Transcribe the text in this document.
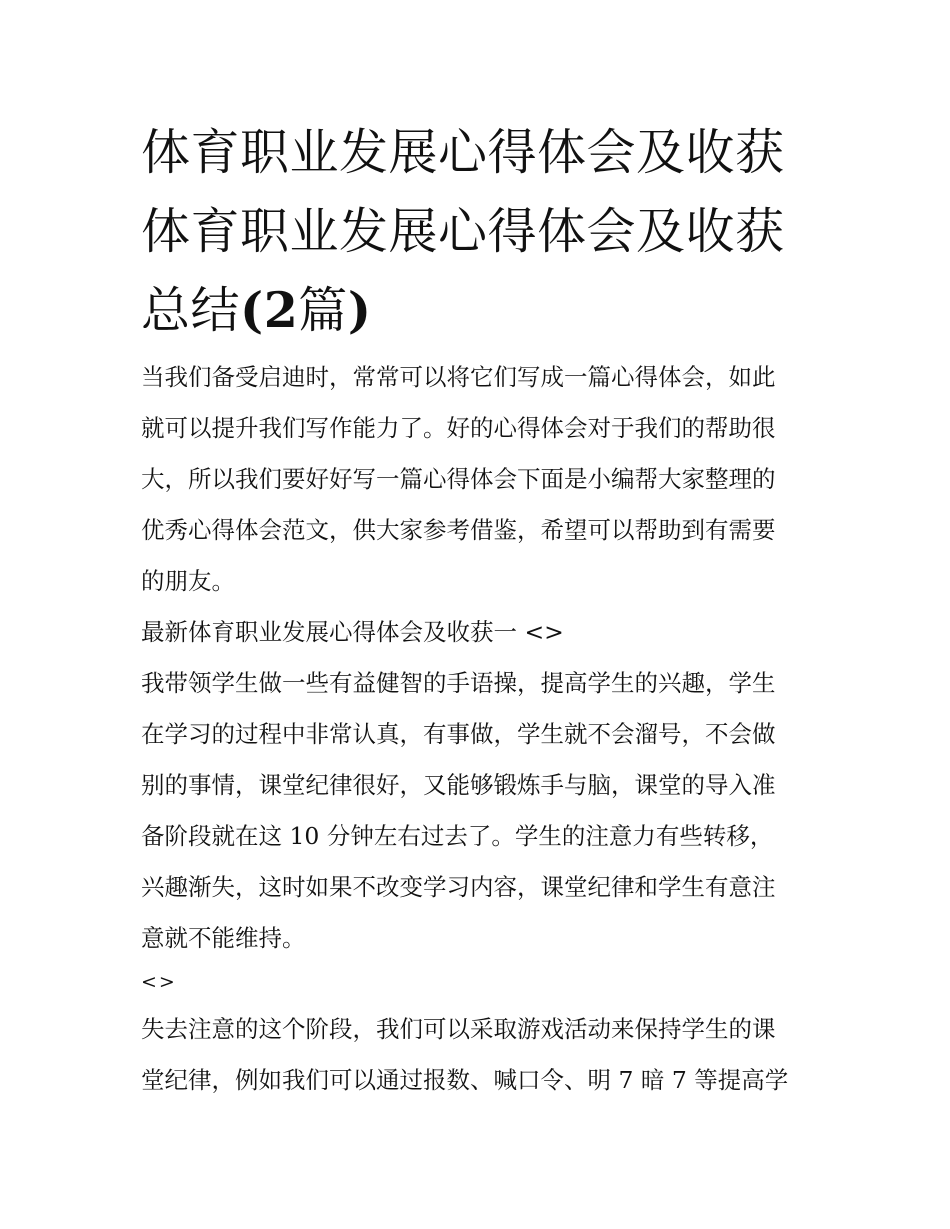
体育职业发展心得体会及收获
体育职业发展心得体会及收获
总结(2篇)
当我们备受启迪时，常常可以将它们写成一篇心得体会，如此
就可以提升我们写作能力了。好的心得体会对于我们的帮助很
大，所以我们要好好写一篇心得体会下面是小编帮大家整理的
优秀心得体会范文，供大家参考借鉴，希望可以帮助到有需要
的朋友。
最新体育职业发展心得体会及收获一 <>
我带领学生做一些有益健智的手语操，提高学生的兴趣，学生
在学习的过程中非常认真，有事做，学生就不会溜号，不会做
别的事情，课堂纪律很好，又能够锻炼手与脑，课堂的导入准
备阶段就在这 10 分钟左右过去了。学生的注意力有些转移，
兴趣渐失，这时如果不改变学习内容，课堂纪律和学生有意注
意就不能维持。
<>
失去注意的这个阶段，我们可以采取游戏活动来保持学生的课
堂纪律，例如我们可以通过报数、喊口令、明 7 暗 7 等提高学
